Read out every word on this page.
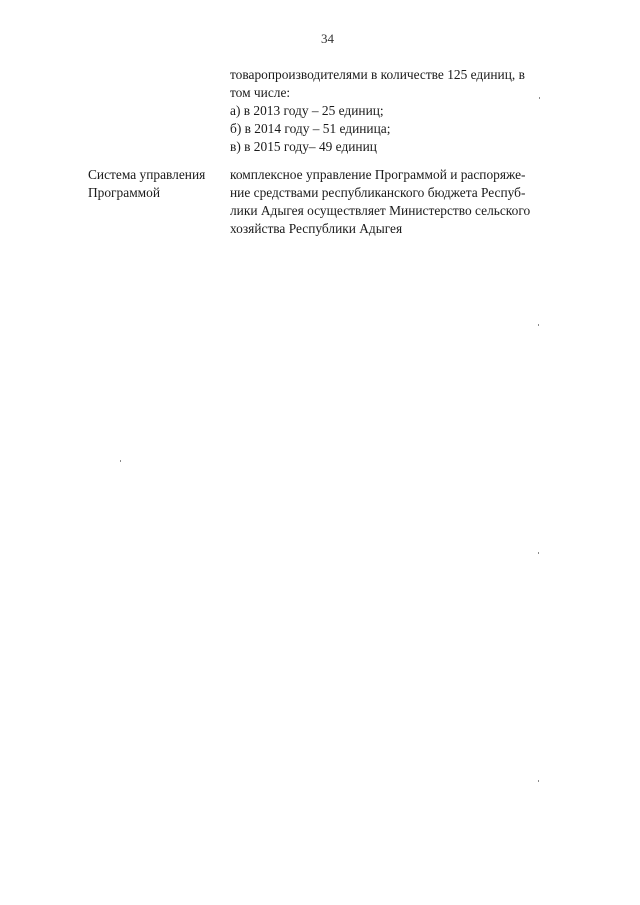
34
товаропроизводителями в количестве 125 единиц, в
том числе:
а) в 2013 году – 25 единиц;
б) в 2014 году – 51 единица;
в) в 2015 году– 49 единиц
Система управления
Программой
комплексное управление Программой и распоряже-
ние средствами республиканского бюджета Респуб-
лики Адыгея осуществляет Министерство сельского
хозяйства Республики Адыгея
